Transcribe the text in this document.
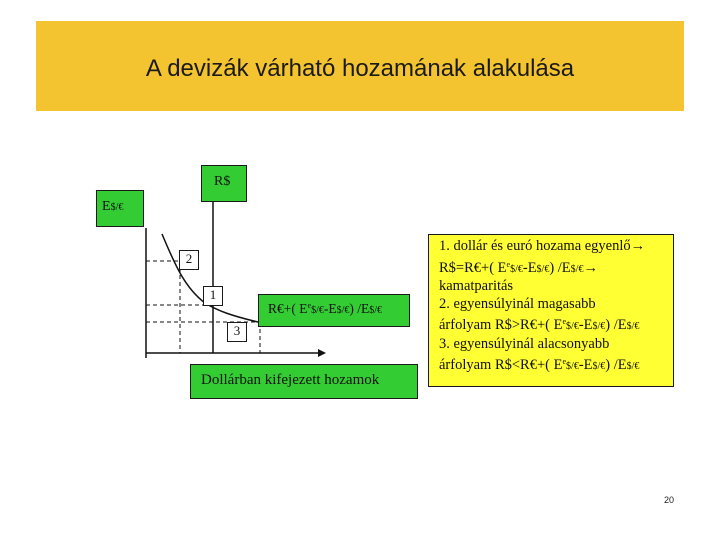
A devizák várható hozamának alakulása
E$/€
R$
2
1
3
R€+( $E^e\$/€-E\$/€$) /E$/€
Dollárban kifejezett hozamok
1. dollár és euró hozama egyenlő→
R$=R€+( $E^e\$/€-E\$/€$) /E$/€→
kamatparitás
2. egyensúlyinál magasabb
árfolyam R$>R€+( $E^e\$/€-E\$/€$) /E$/€
3. egyensúlyinál alacsonyabb
árfolyam R$<R€+( $E^e\$/€-E\$/€$) /E$/€
20
